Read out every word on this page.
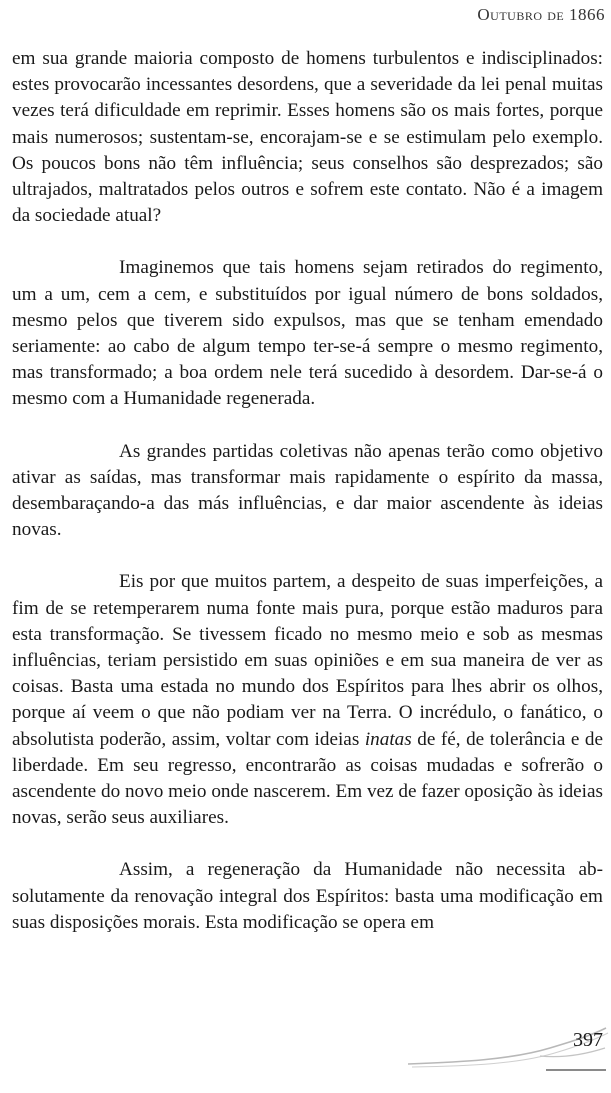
Outubro de 1866

em sua grande maioria composto de homens turbulentos e indisciplinados: estes provocarão incessantes desordens, que a severidade da lei penal muitas vezes terá dificuldade em reprimir. Esses homens são os mais fortes, porque mais numerosos; sustentam-se, encorajam-se e se estimulam pelo exemplo. Os poucos bons não têm influência; seus conselhos são desprezados; são ultrajados, maltratados pelos outros e sofrem este contato. Não é a imagem da sociedade atual?

Imaginemos que tais homens sejam retirados do regimento, um a um, cem a cem, e substituídos por igual número de bons soldados, mesmo pelos que tiverem sido expulsos, mas que se tenham emendado seriamente: ao cabo de algum tempo ter-se-á sempre o mesmo regimento, mas transformado; a boa ordem nele terá sucedido à desordem. Dar-se-á o mesmo com a Humanidade regenerada.

As grandes partidas coletivas não apenas terão como objetivo ativar as saídas, mas transformar mais rapidamente o espírito da massa, desembaraçando-a das más influências, e dar maior ascendente às ideias novas.

Eis por que muitos partem, a despeito de suas imperfeições, a fim de se retemperarem numa fonte mais pura, porque estão maduros para esta transformação. Se tivessem ficado no mesmo meio e sob as mesmas influências, teriam persistido em suas opiniões e em sua maneira de ver as coisas. Basta uma estada no mundo dos Espíritos para lhes abrir os olhos, porque aí veem o que não podiam ver na Terra. O incrédulo, o fanático, o absolutista poderão, assim, voltar com ideias inatas de fé, de tolerância e de liberdade. Em seu regresso, encontrarão as coisas mudadas e sofrerão o ascendente do novo meio onde nascerem. Em vez de fazer oposição às ideias novas, serão seus auxiliares.

Assim, a regeneração da Humanidade não necessita absolutamente da renovação integral dos Espíritos: basta uma modificação em suas disposições morais. Esta modificação se opera em

397
